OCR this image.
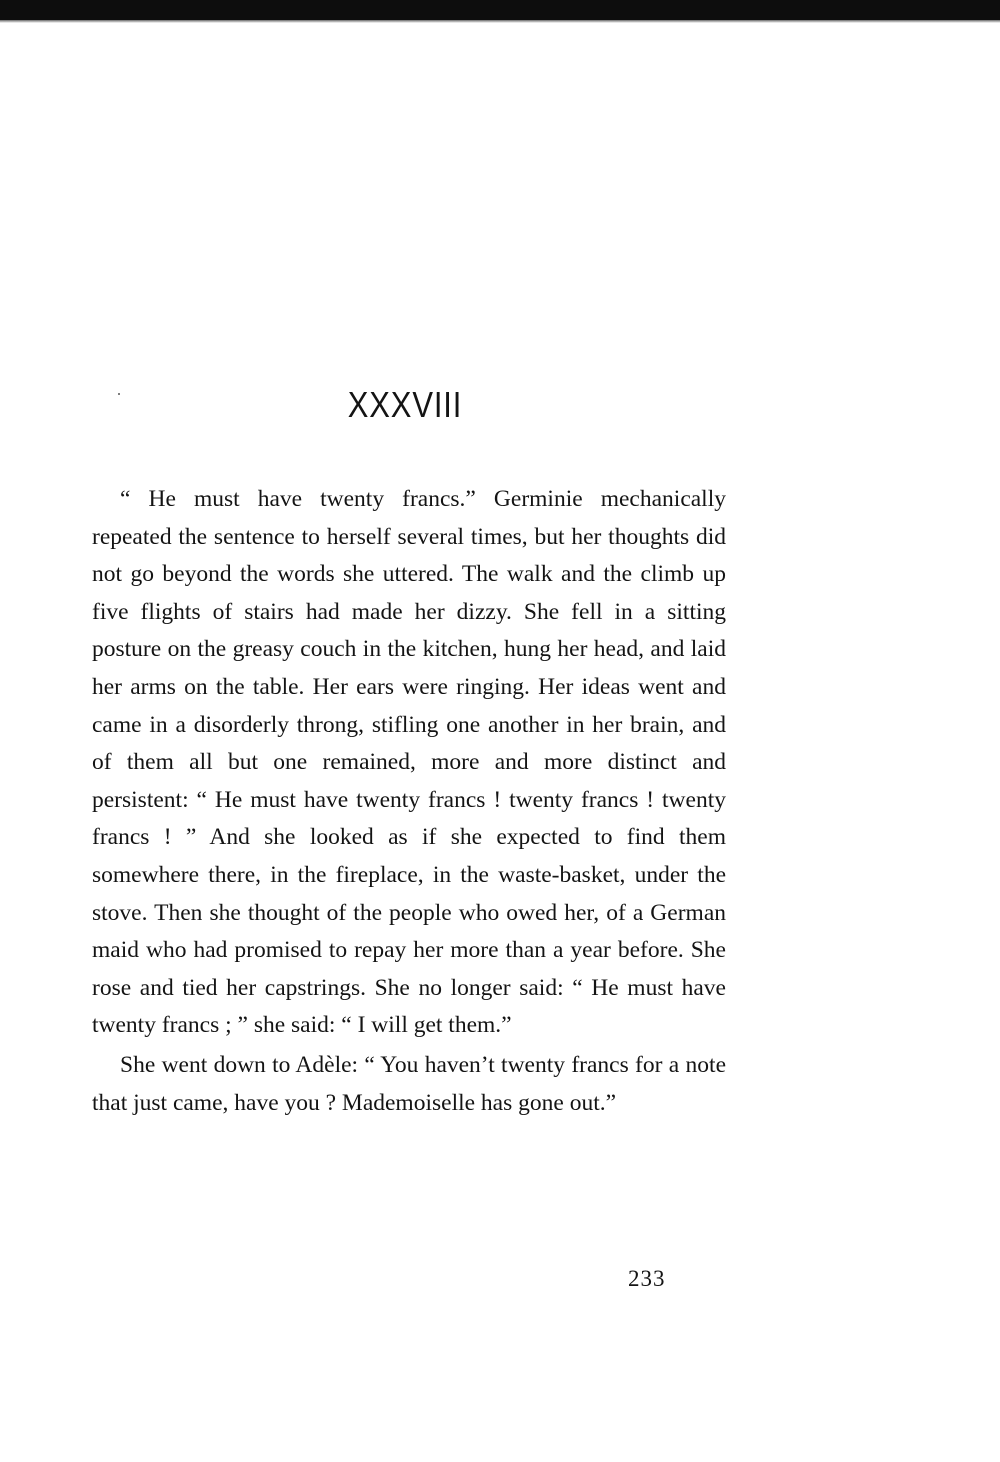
XXXVIII

“ He must have twenty francs.” Germinie mechanically repeated the sentence to herself several times, but her thoughts did not go beyond the words she uttered. The walk and the climb up five flights of stairs had made her dizzy. She fell in a sitting posture on the greasy couch in the kitchen, hung her head, and laid her arms on the table. Her ears were ringing. Her ideas went and came in a disorderly throng, stifling one another in her brain, and of them all but one remained, more and more distinct and persistent: “ He must have twenty francs ! twenty francs ! twenty francs ! ” And she looked as if she expected to find them somewhere there, in the fireplace, in the waste-basket, under the stove. Then she thought of the people who owed her, of a German maid who had promised to repay her more than a year before. She rose and tied her capstrings. She no longer said: “ He must have twenty francs ; ” she said: “ I will get them.”

She went down to Adèle: “ You haven’t twenty francs for a note that just came, have you ? Mademoiselle has gone out.”

233
